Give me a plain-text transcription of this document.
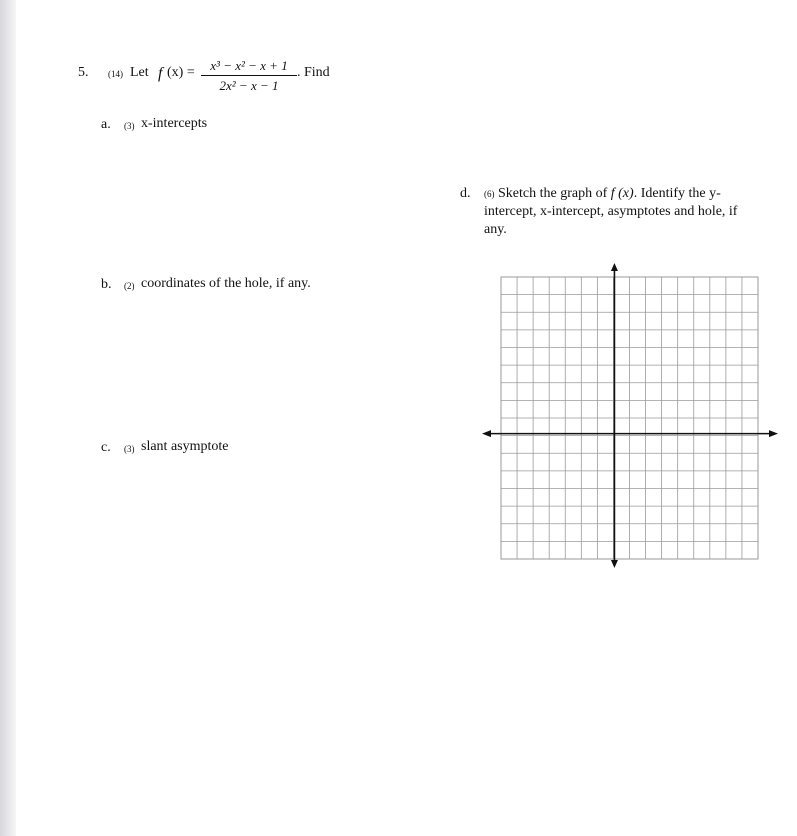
5. (14) Let f (x) =	x³ − x² − x + 1
2x² − x − 1
. Find
a. (3) x-intercepts
b. (2) coordinates of the hole, if any.
c. (3) slant asymptote
d. (6) Sketch the graph of f (x). Identify the y-intercept, x-intercept, asymptotes and hole, if any.
